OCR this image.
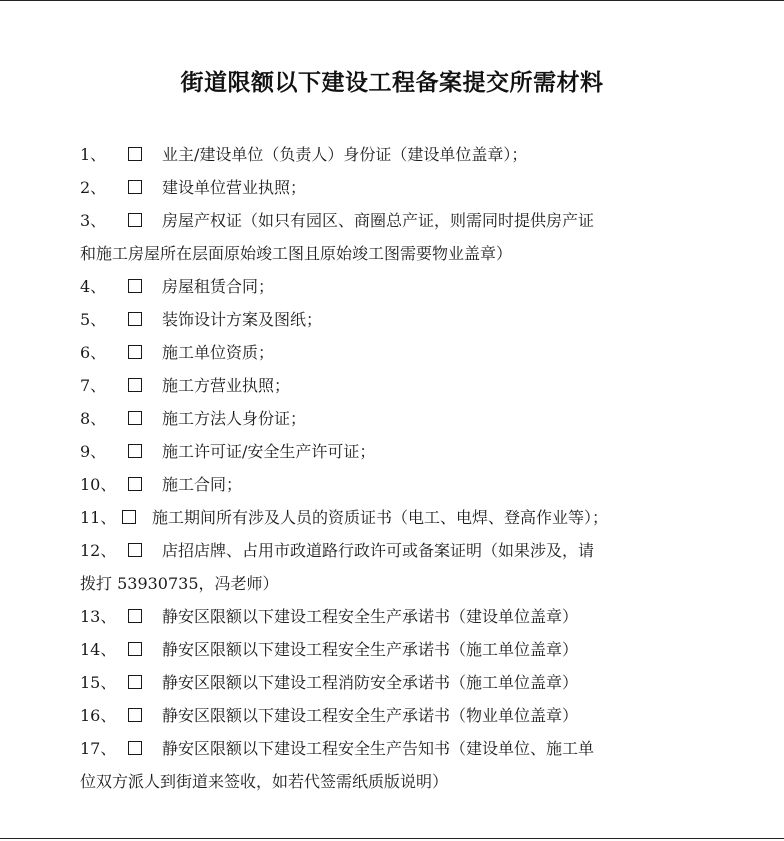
街道限额以下建设工程备案提交所需材料
1、	业主/建设单位（负责人）身份证（建设单位盖章）；
2、	建设单位营业执照；
3、	房屋产权证（如只有园区、商圈总产证，则需同时提供房产证
和施工房屋所在层面原始竣工图且原始竣工图需要物业盖章）
4、	房屋租赁合同；
5、	装饰设计方案及图纸；
6、	施工单位资质；
7、	施工方营业执照；
8、	施工方法人身份证；
9、	施工许可证/安全生产许可证；
10、	施工合同；
11、	施工期间所有涉及人员的资质证书（电工、电焊、登高作业等）；
12、	店招店牌、占用市政道路行政许可或备案证明（如果涉及，请
拨打 53930735，冯老师）
13、	静安区限额以下建设工程安全生产承诺书（建设单位盖章）
14、	静安区限额以下建设工程安全生产承诺书（施工单位盖章）
15、	静安区限额以下建设工程消防安全承诺书（施工单位盖章）
16、	静安区限额以下建设工程安全生产承诺书（物业单位盖章）
17、	静安区限额以下建设工程安全生产告知书（建设单位、施工单
位双方派人到街道来签收，如若代签需纸质版说明）
